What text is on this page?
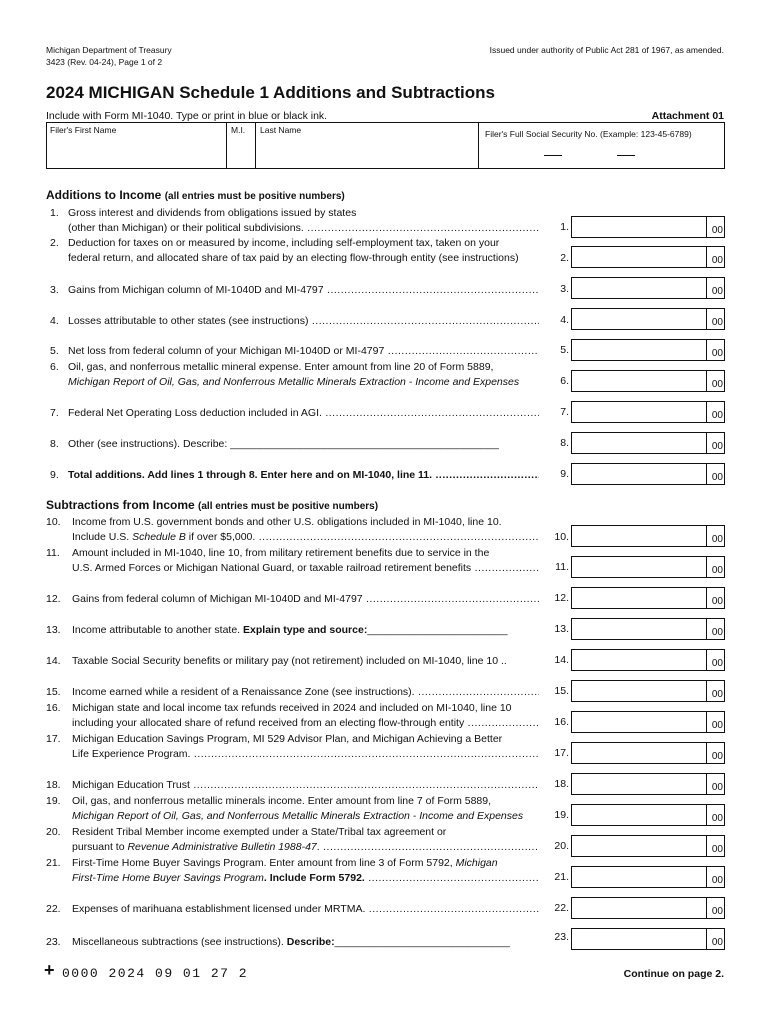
Michigan Department of Treasury
3423 (Rev. 04-24), Page 1 of 2
Issued under authority of Public Act 281 of 1967, as amended.
2024 MICHIGAN Schedule 1 Additions and Subtractions
Include with Form MI-1040. Type or print in blue or black ink.	Attachment 01
Filer's First Name	M.I. Last Name	Filer's Full Social Security No. (Example: 123-45-6789)
Additions to Income (all entries must be positive numbers)
1. Gross interest and dividends from obligations issued by states
(other than Michigan) or their political subdivisions. .....	1.	00
2. Deduction for taxes on or measured by income, including self-employment tax, taken on your
federal return, and allocated share of tax paid by an electing flow-through entity (see instructions)	2.	00
3. Gains from Michigan column of MI-1040D and MI-4797 .....	3.	00
4. Losses attributable to other states (see instructions) .....	4.	00
5. Net loss from federal column of your Michigan MI-1040D or MI-4797 .....	5.	00
6. Oil, gas, and nonferrous metallic mineral expense. Enter amount from line 20 of Form 5889,
Michigan Report of Oil, Gas, and Nonferrous Metallic Minerals Extraction - Income and Expenses	6.	00
7. Federal Net Operating Loss deduction included in AGI. .....	7.	00
8. Other (see instructions). Describe: ______________________________________________	8.	00
9. Total additions. Add lines 1 through 8. Enter here and on MI-1040, line 11. .....	9.	00
Subtractions from Income (all entries must be positive numbers)
10. Income from U.S. government bonds and other U.S. obligations included in MI-1040, line 10.
Include U.S. Schedule B if over $5,000. .....	10.	00
11. Amount included in MI-1040, line 10, from military retirement benefits due to service in the
U.S. Armed Forces or Michigan National Guard, or taxable railroad retirement benefits .....	11.	00
12. Gains from federal column of Michigan MI-1040D and MI-4797 .....	12.	00
13. Income attributable to another state. Explain type and source:________________________	13.	00
14. Taxable Social Security benefits or military pay (not retirement) included on MI-1040, line 10 ..	14.	00
15. Income earned while a resident of a Renaissance Zone (see instructions). .....	15.	00
16. Michigan state and local income tax refunds received in 2024 and included on MI-1040, line 10
including your allocated share of refund received from an electing flow-through entity .....	16.	00
17. Michigan Education Savings Program, MI 529 Advisor Plan, and Michigan Achieving a Better
Life Experience Program. .....	17.	00
18. Michigan Education Trust .....	18.	00
19. Oil, gas, and nonferrous metallic minerals income. Enter amount from line 7 of Form 5889,
Michigan Report of Oil, Gas, and Nonferrous Metallic Minerals Extraction - Income and Expenses	19.	00
20. Resident Tribal Member income exempted under a State/Tribal tax agreement or
pursuant to Revenue Administrative Bulletin 1988-47. .....	20.	00
21. First-Time Home Buyer Savings Program. Enter amount from line 3 of Form 5792, Michigan
First-Time Home Buyer Savings Program. Include Form 5792. .....	21.	00
22. Expenses of marihuana establishment licensed under MRTMA. .....	22.	00
23. Miscellaneous subtractions (see instructions). Describe:______________________________	23.	00
+ 0000 2024 09 01 27 2	Continue on page 2.
